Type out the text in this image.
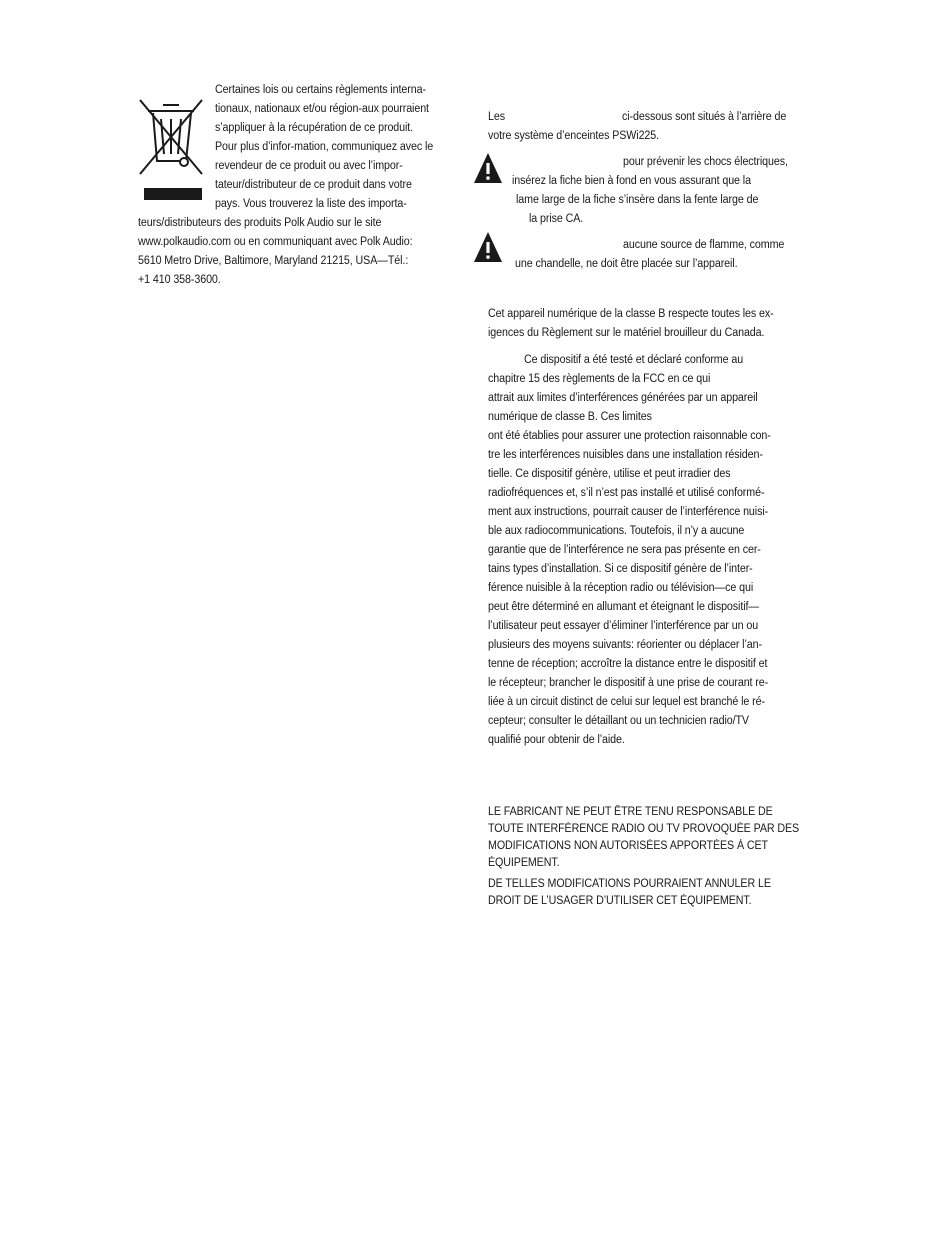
Certaines lois ou certains règlements interna-

tionaux, nationaux et/ou région-aux pourraient

s’appliquer à la récupération de ce produit.

Pour plus d’infor-mation, communiquez avec le

revendeur de ce produit ou avec l’impor-

tateur/distributeur de ce produit dans votre

pays. Vous trouverez la liste des importa-

teurs/distributeurs des produits Polk Audio sur le site

www.polkaudio.com ou en communiquant avec Polk Audio:

5610 Metro Drive, Baltimore, Maryland 21215, USA—Tél.:

+1 410 358-3600.

Les	ci-dessous sont situés à l’arrière de

votre système d’enceintes PSWi225.

pour prévenir les chocs électriques,

insérez la fiche bien à fond en vous assurant que la

lame large de la fiche s’insère dans la fente large de

la prise CA.

aucune source de flamme, comme

une chandelle, ne doit être placée sur l’appareil.

Cet appareil numérique de la classe B respecte toutes les ex-

igences du Règlement sur le matériel brouilleur du Canada.

Ce dispositif a été testé et déclaré conforme au

chapitre 15 des règlements de la FCC en ce qui

attrait aux limites d’interférences générées par un appareil

numérique de classe B. Ces limites

ont été établies pour assurer une protection raisonnable con-

tre les interférences nuisibles dans une installation résiden-

tielle. Ce dispositif génère, utilise et peut irradier des

radiofréquences et, s’il n’est pas installé et utilisé conformé-

ment aux instructions, pourrait causer de l’interférence nuisi-

ble aux radiocommunications. Toutefois, il n’y a aucune

garantie que de l’interférence ne sera pas présente en cer-

tains types d’installation. Si ce dispositif génère de l’inter-

férence nuisible à la réception radio ou télévision—ce qui

peut être déterminé en allumant et éteignant le dispositif—

l’utilisateur peut essayer d’éliminer l’interférence par un ou

plusieurs des moyens suivants: réorienter ou déplacer l’an-

tenne de réception; accroître la distance entre le dispositif et

le récepteur; brancher le dispositif à une prise de courant re-

liée à un circuit distinct de celui sur lequel est branché le ré-

cepteur; consulter le détaillant ou un technicien radio/TV

qualifié pour obtenir de l’aide.

LE FABRICANT NE PEUT ÊTRE TENU RESPONSABLE DE

TOUTE INTERFÉRENCE RADIO OU TV PROVOQUÉE PAR DES

MODIFICATIONS NON AUTORISÉES APPORTÉES À CET

ÉQUIPEMENT.

DE TELLES MODIFICATIONS POURRAIENT ANNULER LE

DROIT DE L’USAGER D’UTILISER CET ÉQUIPEMENT.
